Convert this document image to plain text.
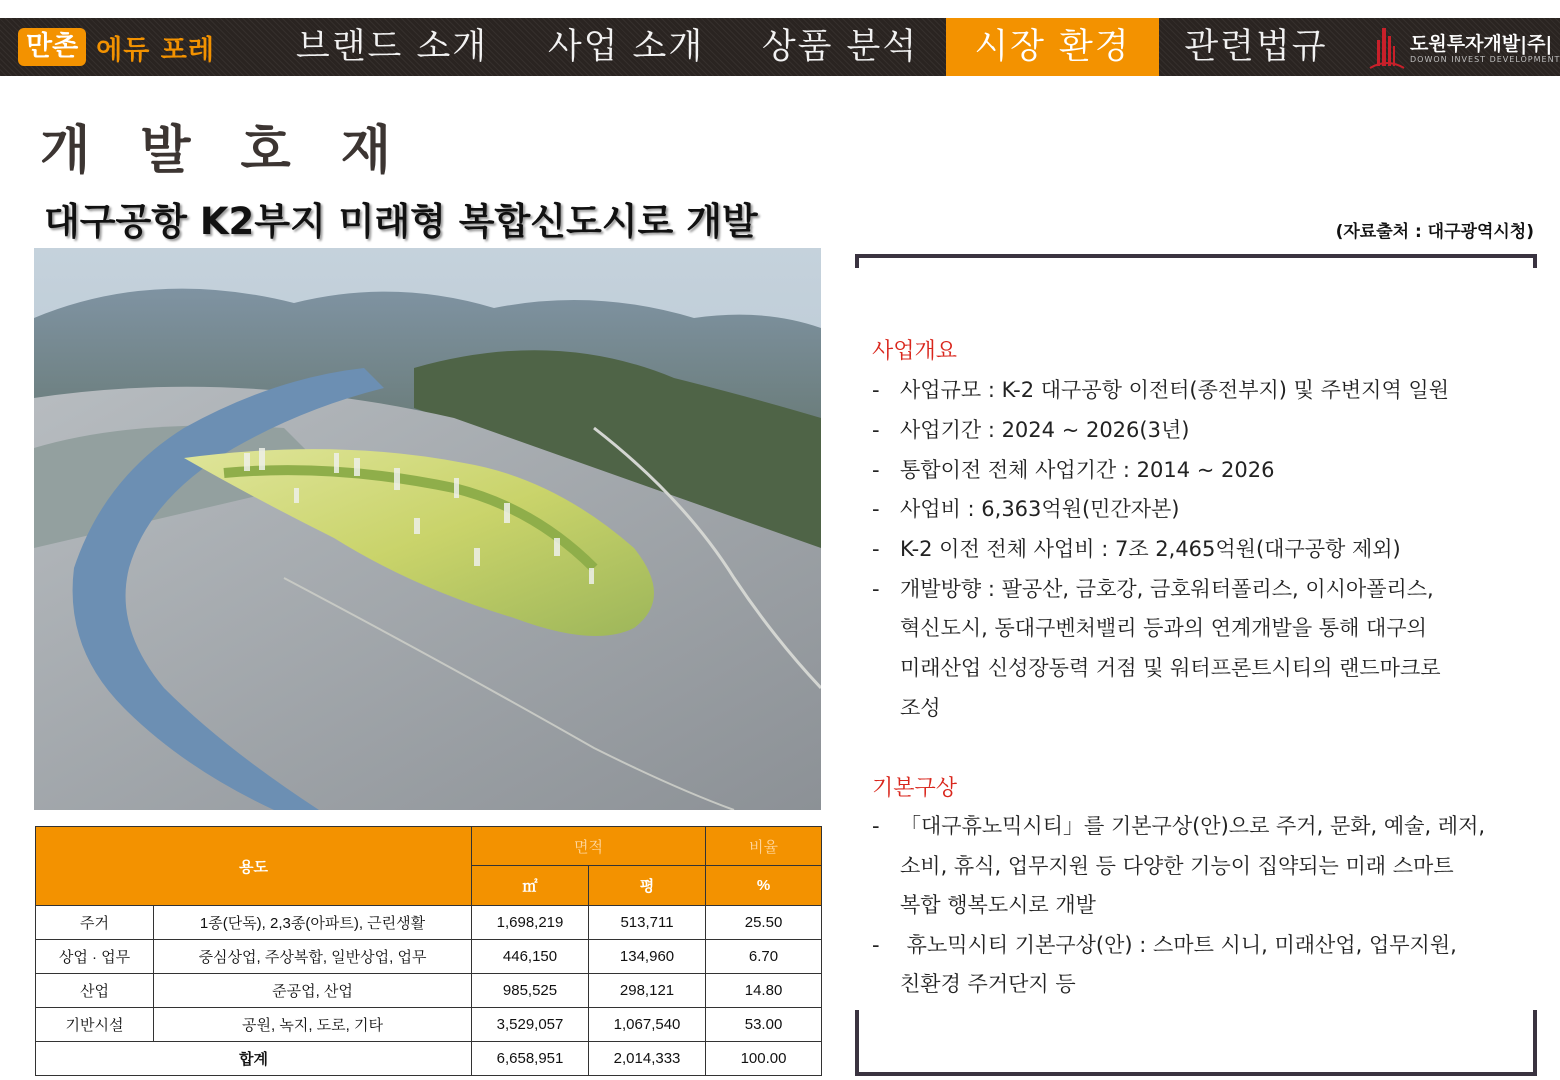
만촌 에듀 포레	브랜드 소개	사업 소개	상품 분석	시장 환경	관련법규	도원투자개발|주|
DOWON INVEST DEVELOPMENT
개발호재
대구공항 K2부지 미래형 복합신도시로 개발	(자료출처 : 대구광역시청)
용도		면적		비율
		㎡	평	%
주거	1종(단독), 2,3종(아파트), 근린생활	1,698,219	513,711	25.50
상업 · 업무	중심상업, 주상복합, 일반상업, 업무	446,150	134,960	6.70
산업	준공업, 산업	985,525	298,121	14.80
기반시설	공원, 녹지, 도로, 기타	3,529,057	1,067,540	53.00
합계		6,658,951	2,014,333	100.00
사업개요
- 사업규모 : K-2 대구공항 이전터(종전부지) 및 주변지역 일원
- 사업기간 : 2024 ~ 2026(3년)
- 통합이전 전체 사업기간 : 2014 ~ 2026
- 사업비 : 6,363억원(민간자본)
- K-2 이전 전체 사업비 : 7조 2,465억원(대구공항 제외)
- 개발방향 : 팔공산, 금호강, 금호워터폴리스, 이시아폴리스,
혁신도시, 동대구벤처밸리 등과의 연계개발을 통해 대구의
미래산업 신성장동력 거점 및 워터프론트시티의 랜드마크로
조성
기본구상
- 「대구휴노믹시티」를 기본구상(안)으로 주거, 문화, 예술, 레저,
소비, 휴식, 업무지원 등 다양한 기능이 집약되는 미래 스마트
복합 행복도시로 개발
- 휴노믹시티 기본구상(안) : 스마트 시니, 미래산업, 업무지원,
친환경 주거단지 등
